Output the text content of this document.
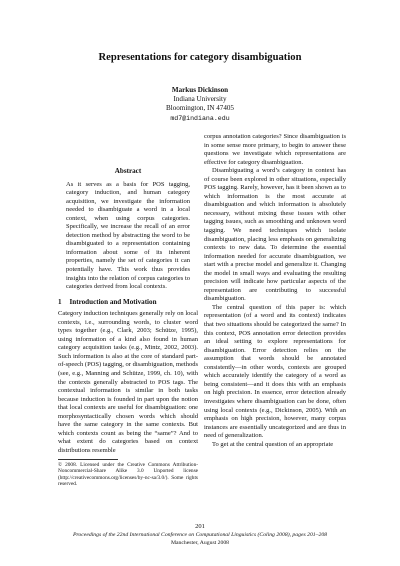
Representations for category disambiguation
Markus Dickinson
Indiana University
Bloomington, IN 47405
md7@indiana.edu
Abstract

As it serves as a basis for POS tagging, category induction, and human category acquisition, we investigate the information needed to disambiguate a word in a local context, when using corpus categories. Specifically, we increase the recall of an error detection method by abstracting the word to be disambiguated to a representation containing information about some of its inherent properties, namely the set of categories it can potentially have. This work thus provides insights into the relation of corpus categories to categories derived from local contexts.

1 Introduction and Motivation

Category induction techniques generally rely on local contexts, i.e., surrounding words, to cluster word types together (e.g., Clark, 2003; Schütze, 1995), using information of a kind also found in human category acquisition tasks (e.g., Mintz, 2002, 2003). Such information is also at the core of standard part-of-speech (POS) tagging, or disambiguation, methods (see, e.g., Manning and Schütze, 1999, ch. 10), with the contexts generally abstracted to POS tags. The contextual information is similar in both tasks because induction is founded in part upon the notion that local contexts are useful for disambiguation: one morphosyntactically chosen words which should have the same category in the same contexts. But which contexts count as being the “same”? And to what extent do categories based on context distributions resemble

© 2008. Licensed under the Creative Commons Attribution-Noncommercial-Share Alike 3.0 Unported license (http://creativecommons.org/licenses/by-nc-sa/3.0/). Some rights reserved.

corpus annotation categories? Since disambiguation is in some sense more primary, to begin to answer these questions we investigate which representations are effective for category disambiguation.

Disambiguating a word’s category in context has of course been explored in other situations, especially POS tagging. Rarely, however, has it been shown as to which information is the most accurate at disambiguation and which information is absolutely necessary, without mixing these issues with other tagging issues, such as smoothing and unknown word tagging. We need techniques which isolate disambiguation, placing less emphasis on generalizing contexts to new data. To determine the essential information needed for accurate disambiguation, we start with a precise model and generalize it. Changing the model in small ways and evaluating the resulting precision will indicate how particular aspects of the representation are contributing to successful disambiguation.

The central question of this paper is: which representation (of a word and its context) indicates that two situations should be categorized the same? In this context, POS annotation error detection provides an ideal setting to explore representations for disambiguation. Error detection relies on the assumption that words should be annotated consistently—in other words, contexts are grouped which accurately identify the category of a word as being consistent—and it does this with an emphasis on high precision. In essence, error detection already investigates where disambiguation can be done, often using local contexts (e.g., Dickinson, 2005). With an emphasis on high precision, however, many corpus instances are essentially uncategorized and are thus in need of generalization.

To get at the central question of an appropriate

201
Proceedings of the 22nd International Conference on Computational Linguistics (Coling 2008), pages 201–208
Manchester, August 2008
